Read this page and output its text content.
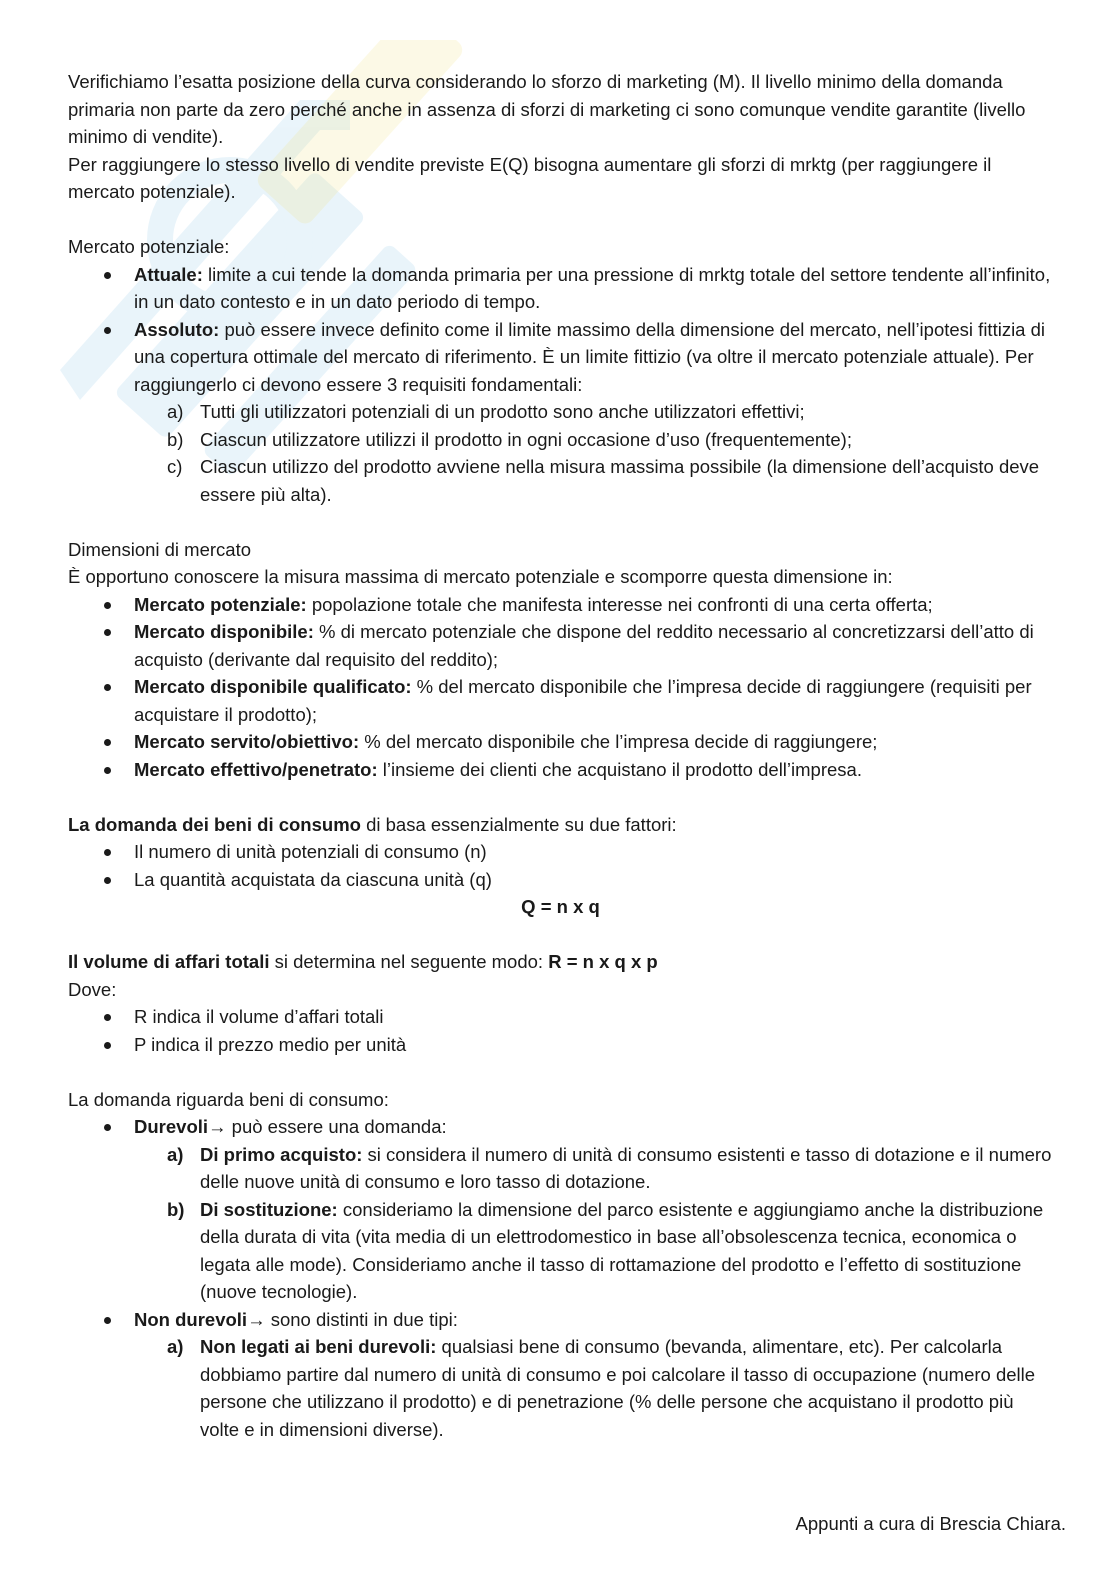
Verifichiamo l’esatta posizione della curva considerando lo sforzo di marketing (M). Il livello minimo della domanda primaria non parte da zero perché anche in assenza di sforzi di marketing ci sono comunque vendite garantite (livello minimo di vendite).

Per raggiungere lo stesso livello di vendite previste E(Q) bisogna aumentare gli sforzi di mrktg (per raggiungere il mercato potenziale).

Mercato potenziale:

Attuale: limite a cui tende la domanda primaria per una pressione di mrktg totale del settore tendente all’infinito, in un dato contesto e in un dato periodo di tempo.
Assoluto: può essere invece definito come il limite massimo della dimensione del mercato, nell’ipotesi fittizia di una copertura ottimale del mercato di riferimento. È un limite fittizio (va oltre il mercato potenziale attuale). Per raggiungerlo ci devono essere 3 requisiti fondamentali:
a) Tutti gli utilizzatori potenziali di un prodotto sono anche utilizzatori effettivi;
b) Ciascun utilizzatore utilizzi il prodotto in ogni occasione d’uso (frequentemente);
c) Ciascun utilizzo del prodotto avviene nella misura massima possibile (la dimensione dell’acquisto deve essere più alta).

Dimensioni di mercato

È opportuno conoscere la misura massima di mercato potenziale e scomporre questa dimensione in:

Mercato potenziale: popolazione totale che manifesta interesse nei confronti di una certa offerta;
Mercato disponibile: % di mercato potenziale che dispone del reddito necessario al concretizzarsi dell’atto di acquisto (derivante dal requisito del reddito);
Mercato disponibile qualificato: % del mercato disponibile che l’impresa decide di raggiungere (requisiti per acquistare il prodotto);
Mercato servito/obiettivo: % del mercato disponibile che l’impresa decide di raggiungere;
Mercato effettivo/penetrato: l’insieme dei clienti che acquistano il prodotto dell’impresa.

La domanda dei beni di consumo di basa essenzialmente su due fattori:

Il numero di unità potenziali di consumo (n)
La quantità acquistata da ciascuna unità (q)

Q = n x q

Il volume di affari totali si determina nel seguente modo: R = n x q x p

Dove:

R indica il volume d’affari totali
P indica il prezzo medio per unità

La domanda riguarda beni di consumo:

Durevoli→ può essere una domanda:
a) Di primo acquisto: si considera il numero di unità di consumo esistenti e tasso di dotazione e il numero delle nuove unità di consumo e loro tasso di dotazione.
b) Di sostituzione: consideriamo la dimensione del parco esistente e aggiungiamo anche la distribuzione della durata di vita (vita media di un elettrodomestico in base all’obsolescenza tecnica, economica o legata alle mode). Consideriamo anche il tasso di rottamazione del prodotto e l’effetto di sostituzione (nuove tecnologie).
Non durevoli→ sono distinti in due tipi:
a) Non legati ai beni durevoli: qualsiasi bene di consumo (bevanda, alimentare, etc). Per calcolarla dobbiamo partire dal numero di unità di consumo e poi calcolare il tasso di occupazione (numero delle persone che utilizzano il prodotto) e di penetrazione (% delle persone che acquistano il prodotto più volte e in dimensioni diverse).
Appunti a cura di Brescia Chiara.
